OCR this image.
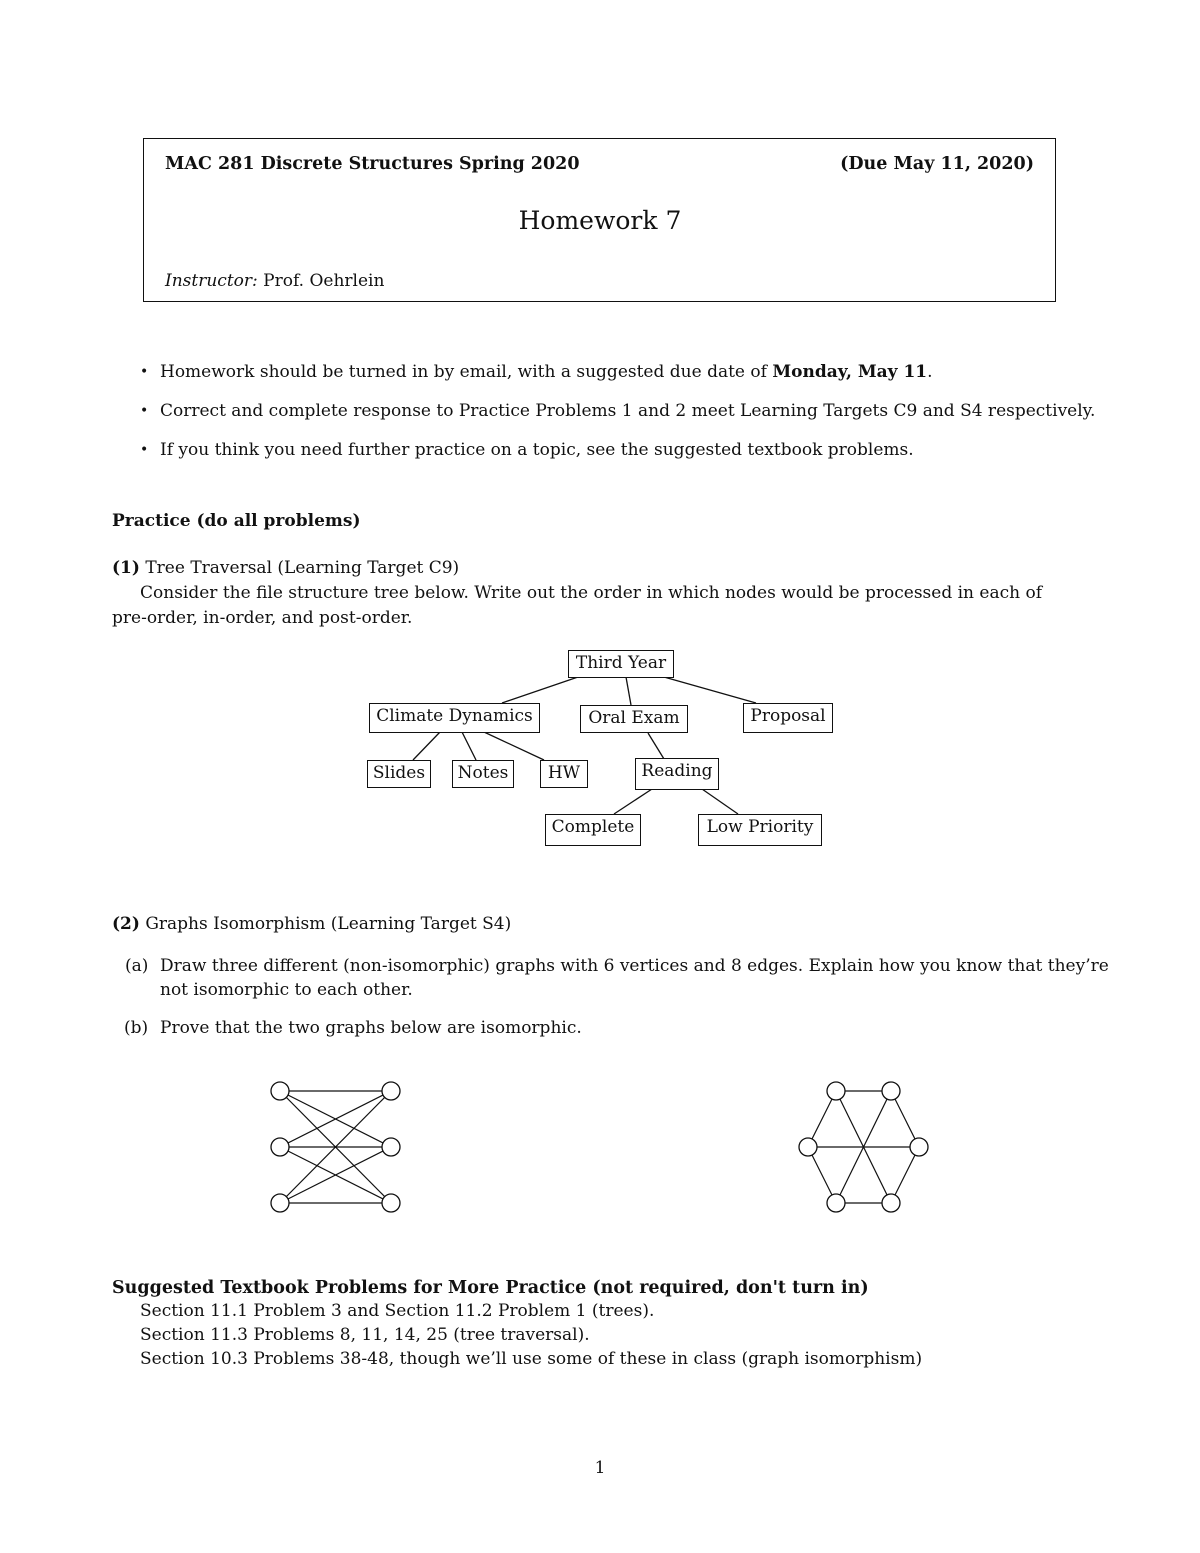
MAC 281 Discrete Structures Spring 2020	(Due May 11, 2020)
Homework 7
Instructor: Prof. Oehrlein
• Homework should be turned in by email, with a suggested due date of Monday, May 11.
• Correct and complete response to Practice Problems 1 and 2 meet Learning Targets C9 and S4 respectively.
• If you think you need further practice on a topic, see the suggested textbook problems.
Practice (do all problems)
(1) Tree Traversal (Learning Target C9)
Consider the file structure tree below. Write out the order in which nodes would be processed in each of
pre-order, in-order, and post-order.
Third Year
Climate Dynamics	Oral Exam	Proposal
Slides	Notes	HW	Reading
Complete	Low Priority
(2) Graphs Isomorphism (Learning Target S4)
(a) Draw three different (non-isomorphic) graphs with 6 vertices and 8 edges. Explain how you know that they’re
not isomorphic to each other.
(b) Prove that the two graphs below are isomorphic.
Suggested Textbook Problems for More Practice (not required, don't turn in)
Section 11.1 Problem 3 and Section 11.2 Problem 1 (trees).
Section 11.3 Problems 8, 11, 14, 25 (tree traversal).
Section 10.3 Problems 38-48, though we’ll use some of these in class (graph isomorphism)
1
